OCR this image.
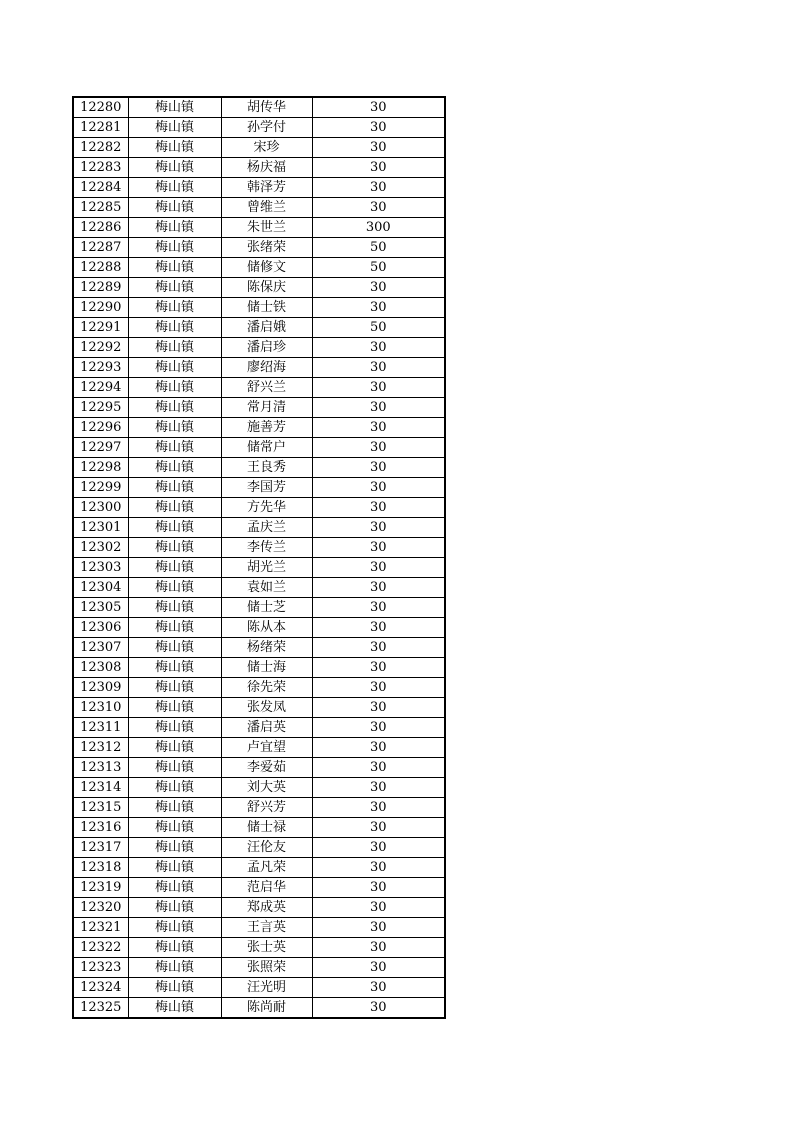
12280	梅山镇	胡传华	30
12281	梅山镇	孙学付	30
12282	梅山镇	宋珍	30
12283	梅山镇	杨庆福	30
12284	梅山镇	韩泽芳	30
12285	梅山镇	曾维兰	30
12286	梅山镇	朱世兰	300
12287	梅山镇	张绪荣	50
12288	梅山镇	储修文	50
12289	梅山镇	陈保庆	30
12290	梅山镇	储士铁	30
12291	梅山镇	潘启娥	50
12292	梅山镇	潘启珍	30
12293	梅山镇	廖绍海	30
12294	梅山镇	舒兴兰	30
12295	梅山镇	常月清	30
12296	梅山镇	施善芳	30
12297	梅山镇	储常户	30
12298	梅山镇	王良秀	30
12299	梅山镇	李国芳	30
12300	梅山镇	方先华	30
12301	梅山镇	孟庆兰	30
12302	梅山镇	李传兰	30
12303	梅山镇	胡光兰	30
12304	梅山镇	袁如兰	30
12305	梅山镇	储士芝	30
12306	梅山镇	陈从本	30
12307	梅山镇	杨绪荣	30
12308	梅山镇	储士海	30
12309	梅山镇	徐先荣	30
12310	梅山镇	张发凤	30
12311	梅山镇	潘启英	30
12312	梅山镇	卢宜望	30
12313	梅山镇	李爱茹	30
12314	梅山镇	刘大英	30
12315	梅山镇	舒兴芳	30
12316	梅山镇	储士禄	30
12317	梅山镇	汪伦友	30
12318	梅山镇	孟凡荣	30
12319	梅山镇	范启华	30
12320	梅山镇	郑成英	30
12321	梅山镇	王言英	30
12322	梅山镇	张士英	30
12323	梅山镇	张照荣	30
12324	梅山镇	汪光明	30
12325	梅山镇	陈尚耐	30
